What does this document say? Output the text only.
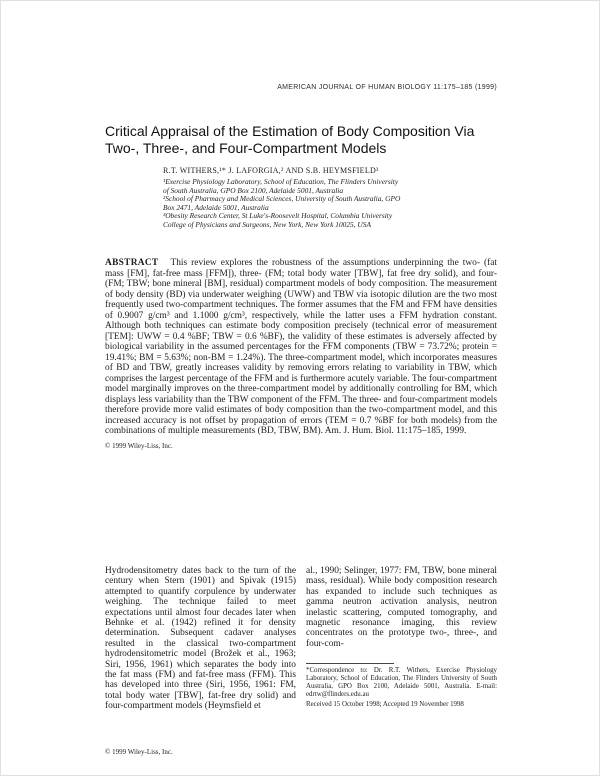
AMERICAN JOURNAL OF HUMAN BIOLOGY 11:175–185 (1999)
Critical Appraisal of the Estimation of Body Composition Via Two-, Three-, and Four-Compartment Models
R.T. WITHERS,¹* J. LAFORGIA,² AND S.B. HEYMSFIELD³
¹Exercise Physiology Laboratory, School of Education, The Flinders University of South Australia, GPO Box 2100, Adelaide 5001, Australia
²School of Pharmacy and Medical Sciences, University of South Australia, GPO Box 2471, Adelaide 5001, Australia
³Obesity Research Center, St Luke's-Roosevelt Hospital, Columbia University College of Physicians and Surgeons, New York, New York 10025, USA

ABSTRACT This review explores the robustness of the assumptions underpinning the two- (fat mass [FM], fat-free mass [FFM]), three- (FM; total body water [TBW], fat free dry solid), and four- (FM; TBW; bone mineral [BM], residual) compartment models of body composition. The measurement of body density (BD) via underwater weighing (UWW) and TBW via isotopic dilution are the two most frequently used two-compartment techniques. The former assumes that the FM and FFM have densities of 0.9007 g/cm³ and 1.1000 g/cm³, respectively, while the latter uses a FFM hydration constant. Although both techniques can estimate body composition precisely (technical error of measurement [TEM]: UWW = 0.4 %BF; TBW = 0.6 %BF), the validity of these estimates is adversely affected by biological variability in the assumed percentages for the FFM components (TBW = 73.72%; protein = 19.41%; BM = 5.63%; non-BM = 1.24%). The three-compartment model, which incorporates measures of BD and TBW, greatly increases validity by removing errors relating to variability in TBW, which comprises the largest percentage of the FFM and is furthermore acutely variable. The four-compartment model marginally improves on the three-compartment model by additionally controlling for BM, which displays less variability than the TBW component of the FFM. The three- and four-compartment models therefore provide more valid estimates of body composition than the two-compartment model, and this increased accuracy is not offset by propagation of errors (TEM = 0.7 %BF for both models) from the combinations of multiple measurements (BD, TBW, BM). Am. J. Hum. Biol. 11:175–185, 1999.

© 1999 Wiley-Liss, Inc.

Hydrodensitometry dates back to the turn of the century when Stern (1901) and Spivak (1915) attempted to quantify corpulence by underwater weighing. The technique failed to meet expectations until almost four decades later when Behnke et al. (1942) refined it for density determination. Subsequent cadaver analyses resulted in the classical two-compartment hydrodensitometric model (Brožek et al., 1963; Siri, 1956, 1961) which separates the body into the fat mass (FM) and fat-free mass (FFM). This has developed into three (Siri, 1956, 1961: FM, total body water [TBW], fat-free dry solid) and four-compartment models (Heymsfield et

al., 1990; Selinger, 1977: FM, TBW, bone mineral mass, residual). While body composition research has expanded to include such techniques as gamma neutron activation analysis, neutron inelastic scattering, computed tomography, and magnetic resonance imaging, this review concentrates on the prototype two-, three-, and four-com-

*Correspondence to: Dr. R.T. Withers, Exercise Physiology Laboratory, School of Education, The Flinders University of South Australia, GPO Box 2100, Adelaide 5001, Australia. E-mail: edrtw@flinders.edu.au

Received 15 October 1998; Accepted 19 November 1998

© 1999 Wiley-Liss, Inc.
